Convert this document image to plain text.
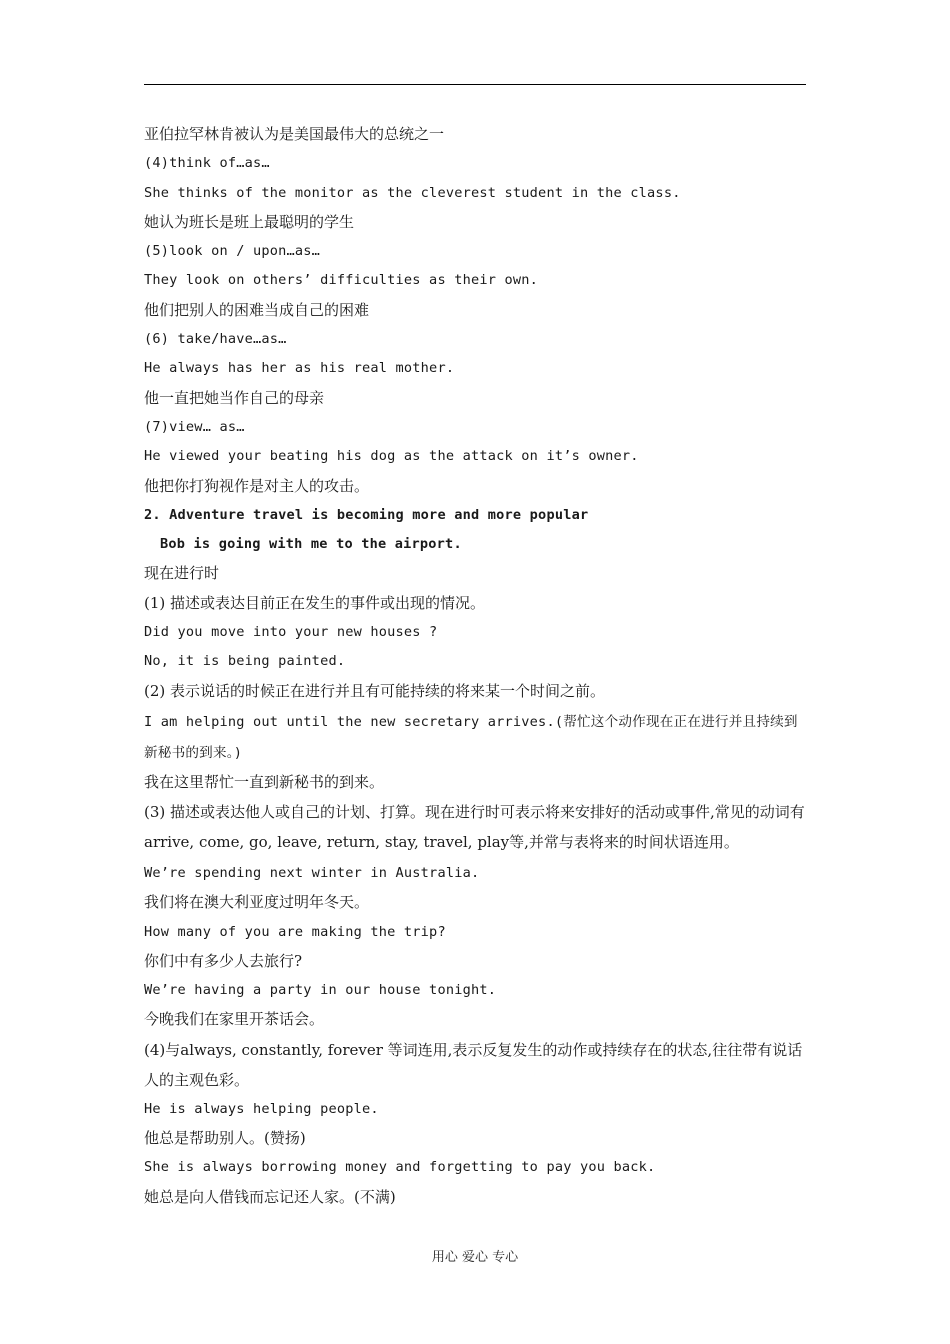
亚伯拉罕林肯被认为是美国最伟大的总统之一
(4)think of…as…
She thinks of the monitor as the cleverest student in the class.
她认为班长是班上最聪明的学生
(5)look on / upon…as…
They look on others’ difficulties as their own.
他们把别人的困难当成自己的困难
(6) take/have…as…
He always has her as his real mother.
他一直把她当作自己的母亲
(7)view… as…
He viewed your beating his dog as the attack on it’s owner.
他把你打狗视作是对主人的攻击。
2. Adventure travel is becoming more and more popular
Bob is going with me to the airport.
现在进行时
(1) 描述或表达目前正在发生的事件或出现的情况。
Did you move into your new houses ?
No, it is being painted.
(2) 表示说话的时候正在进行并且有可能持续的将来某一个时间之前。
I am helping out until the new secretary arrives.(帮忙这个动作现在正在进行并且持续到新秘书的到来。)
我在这里帮忙一直到新秘书的到来。
(3) 描述或表达他人或自己的计划、打算。现在进行时可表示将来安排好的活动或事件,常见的动词有arrive, come, go, leave, return, stay, travel, play等,并常与表将来的时间状语连用。We’re spending next winter in Australia.
我们将在澳大利亚度过明年冬天。
How many of you are making the trip?
你们中有多少人去旅行?
We’re having a party in our house tonight.
今晚我们在家里开茶话会。
(4)与always, constantly, forever 等词连用,表示反复发生的动作或持续存在的状态,往往带有说话人的主观色彩。
He is always helping people.
他总是帮助别人。(赞扬)
She is always borrowing money and forgetting to pay you back.
她总是向人借钱而忘记还人家。(不满)
用心 爱心 专心
